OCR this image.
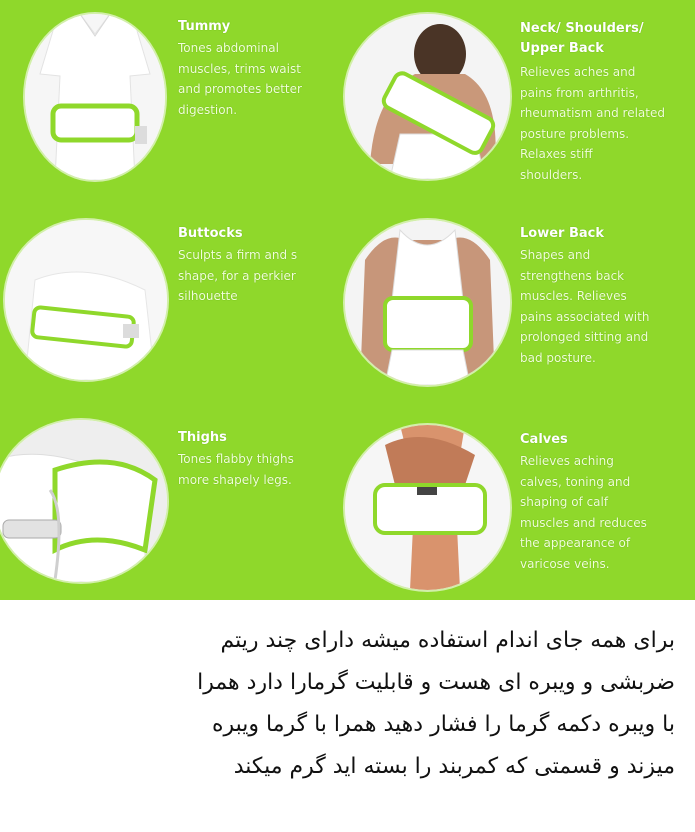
Tummy
Tones abdominal
muscles, trims waist
and promotes better
digestion.
Neck/ Shoulders/
Upper Back
Relieves aches and
pains from arthritis,
rheumatism and related
posture problems.
Relaxes stiff
shoulders.
Buttocks
Sculpts a firm and s
shape, for a perkier
silhouette
Lower Back
Shapes and
strengthens back
muscles. Relieves
pains associated with
prolonged sitting and
bad posture.
Thighs
Tones flabby thighs
more shapely legs.
Calves
Relieves aching
calves, toning and
shaping of calf
muscles and reduces
the appearance of
varicose veins.
برای همه جای اندام استفاده میشه دارای چند ریتم
ضربشی و ویبره ای هست و قابلیت گرمارا دارد همرا
با ویبره دکمه گرما را فشار دهید همرا با گرما ویبره
میزند و قسمتی که کمربند را بسته اید گرم میکند
